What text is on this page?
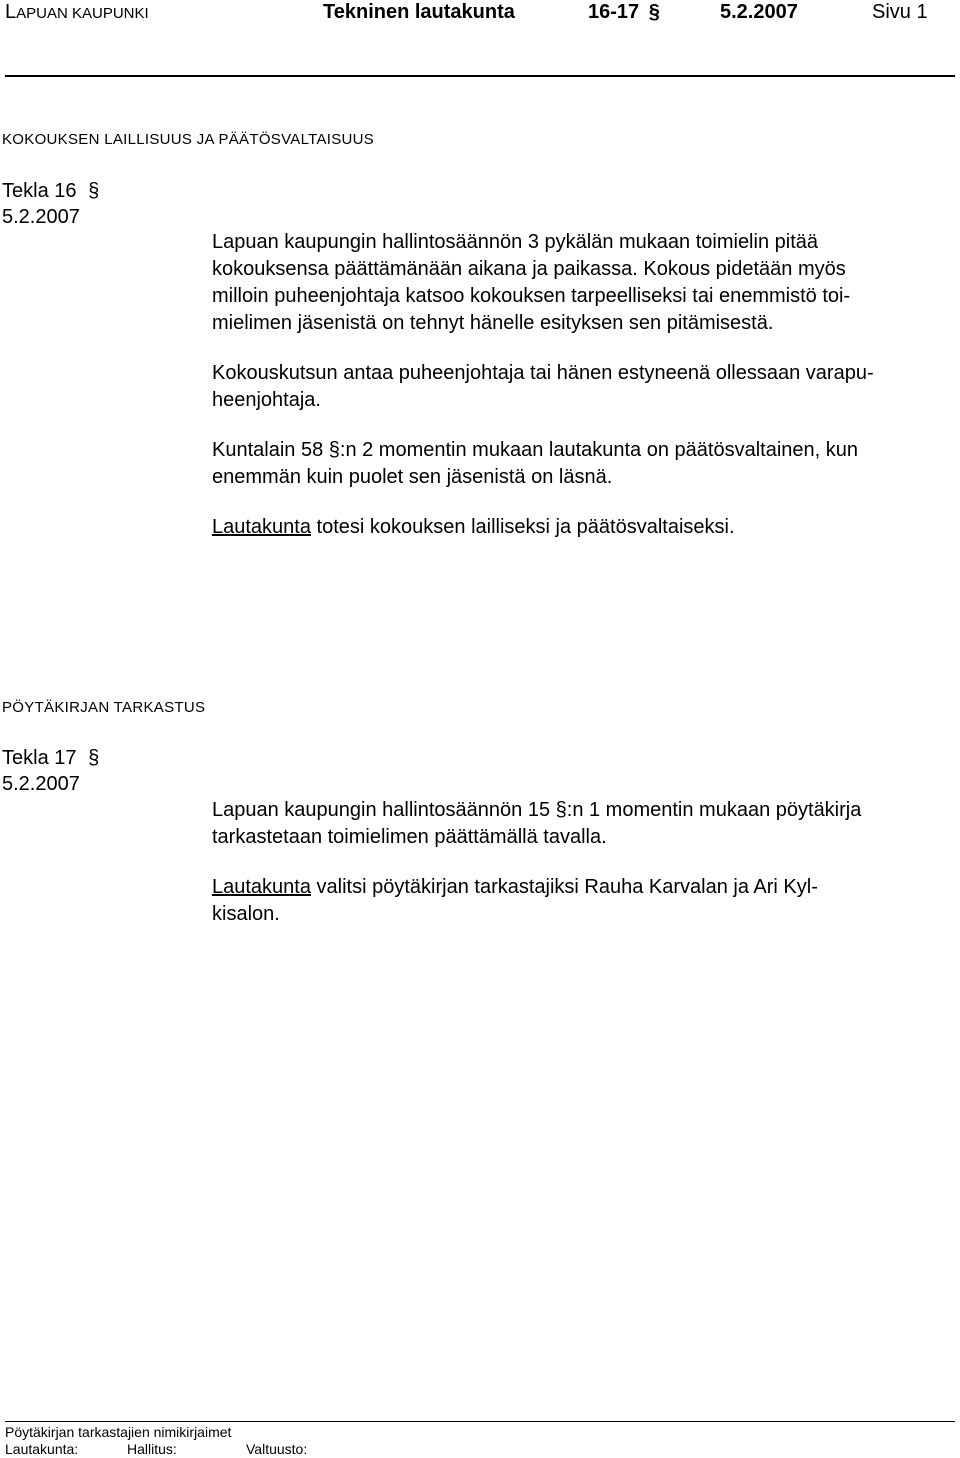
LAPUAN KAUPUNKI	Tekninen lautakunta	16-17 §	5.2.2007	Sivu 1
KOKOUKSEN LAILLISUUS JA PÄÄTÖSVALTAISUUS
Tekla 16 §
5.2.2007

Lapuan kaupungin hallintosäännön 3 pykälän mukaan toimielin pitää
kokouksensa päättämänään aikana ja paikassa. Kokous pidetään myös
milloin puheenjohtaja katsoo kokouksen tarpeelliseksi tai enemmistö toi-
mielimen jäsenistä on tehnyt hänelle esityksen sen pitämisestä.

Kokouskutsun antaa puheenjohtaja tai hänen estyneenä ollessaan varapu-
heenjohtaja.

Kuntalain 58 §:n 2 momentin mukaan lautakunta on päätösvaltainen, kun
enemmän kuin puolet sen jäsenistä on läsnä.

Lautakunta totesi kokouksen lailliseksi ja päätösvaltaiseksi.

PÖYTÄKIRJAN TARKASTUS
Tekla 17 §
5.2.2007

Lapuan kaupungin hallintosäännön 15 §:n 1 momentin mukaan pöytäkirja
tarkastetaan toimielimen päättämällä tavalla.

Lautakunta valitsi pöytäkirjan tarkastajiksi Rauha Karvalan ja Ari Kyl-
kisalon.

Pöytäkirjan tarkastajien nimikirjaimet
Lautakunta:	Hallitus:	Valtuusto:
